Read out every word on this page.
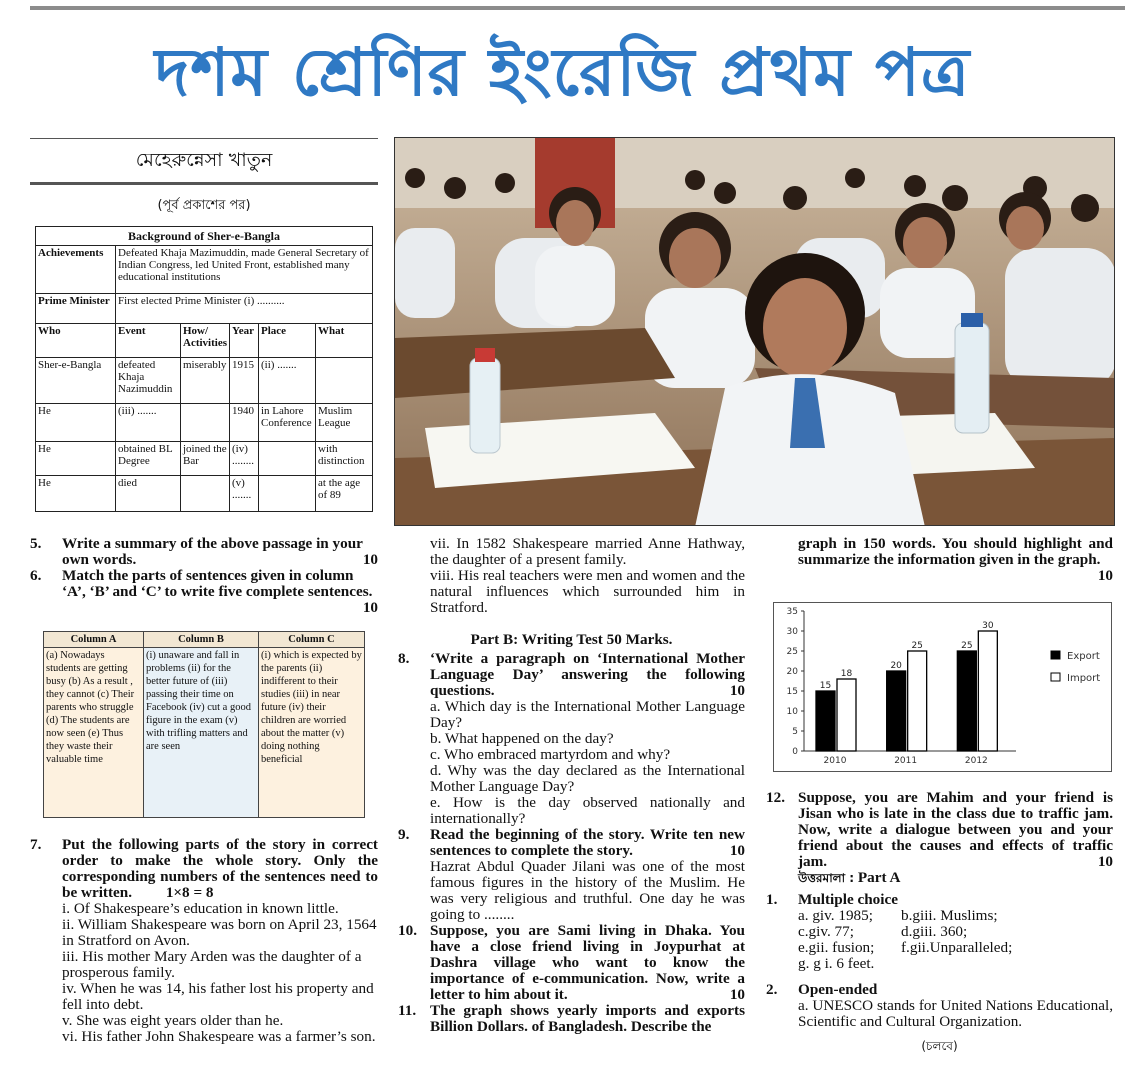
দশম শ্রেণির ইংরেজি প্রথম পত্র
মেহেরুন্নেসা খাতুন
(পূর্ব প্রকাশের পর)
Background of Sher-e-Bangla					
Achievements	Defeated Khaja Mazimuddin, made General Secretary of Indian Congress, led United Front, established many educational institutions				
Prime Minister	First elected Prime Minister (i) ..........				
Who	Event	How/ Activities	Year	Place	What
Sher-e-Bangla	defeated Khaja Nazimuddin	miserably	1915	(ii) .......	
He	(iii) .......		1940	in Lahore Conference	Muslim League
He	obtained BL Degree	joined the Bar	(iv) ........		with distinction
He	died		(v) .......		at the age of 89
5.	Write a summary of the above passage in your own words.	10
6.	Match the parts of sentences given in column ‘A’, ‘B’ and ‘C’ to write five complete sentences.
10
Column A	Column B	Column C
(a) Nowadays students are getting busy (b) As a result , they cannot (c) Their parents who struggle (d) The students are now seen (e) Thus they waste their valuable time	(i) unaware and fall in problems (ii) for the better future of (iii) passing their time on Facebook (iv) cut a good figure in the exam (v) with trifling matters and are seen	(i) which is expected by the parents (ii) indifferent to their studies (iii) in near future (iv) their children are worried about the matter (v) doing nothing beneficial
7.	Put the following parts of the story in correct order to make the whole story. Only the corresponding numbers of the sentences need to be written. 1×8 = 8
i. Of Shakespeare’s education in known little.
ii. William Shakespeare was born on April 23, 1564 in Stratford on Avon.
iii. His mother Mary Arden was the daughter of a prosperous family.
iv. When he was 14, his father lost his property and fell into debt.
v. She was eight years older than he.
vi. His father John Shakespeare was a farmer’s son.
vii. In 1582 Shakespeare married Anne Hathway, the daughter of a present family.
viii. His real teachers were men and women and the natural influences which surrounded him in Stratford.
Part B: Writing Test 50 Marks.
8.	‘Write a paragraph on ‘International Mother Language Day’ answering the following questions.	10
a. Which day is the International Mother Language Day?
b. What happened on the day?
c. Who embraced martyrdom and why?
d. Why was the day declared as the International Mother Language Day?
e. How is the day observed nationally and internationally?
9.	Read the beginning of the story. Write ten new sentences to complete the story.	10
Hazrat Abdul Quader Jilani was one of the most famous figures in the history of the Muslim. He was very religious and truthful. One day he was going to ........
10. Suppose, you are Sami living in Dhaka. You have a close friend living in Joypurhat at Dashra village who want to know the importance of e-communication. Now, write a letter to him about it.	10
11. The graph shows yearly imports and exports Billion Dollars. of Bangladesh. Describe the
graph in 150 words. You should highlight and summarize the information given in the graph.
10
0
5
10
15
20
25
30
35
15
18
2010
20
25
2011
25
30
2012
Export
Import
12. Suppose, you are Mahim and your friend is Jisan who is late in the class due to traffic jam. Now, write a dialogue between you and your friend about the causes and effects of traffic jam.	10
উত্তরমালা : Part A
1.	Multiple choice
a. giv. 1985;	b.giii. Muslims;
c.giv. 77;	d.giii. 360;
e.gii. fusion;	f.gii.Unparalleled;
g. g i. 6 feet.
2.	Open-ended
a. UNESCO stands for United Nations Educational, Scientific and Cultural Organization.
(চলবে)
